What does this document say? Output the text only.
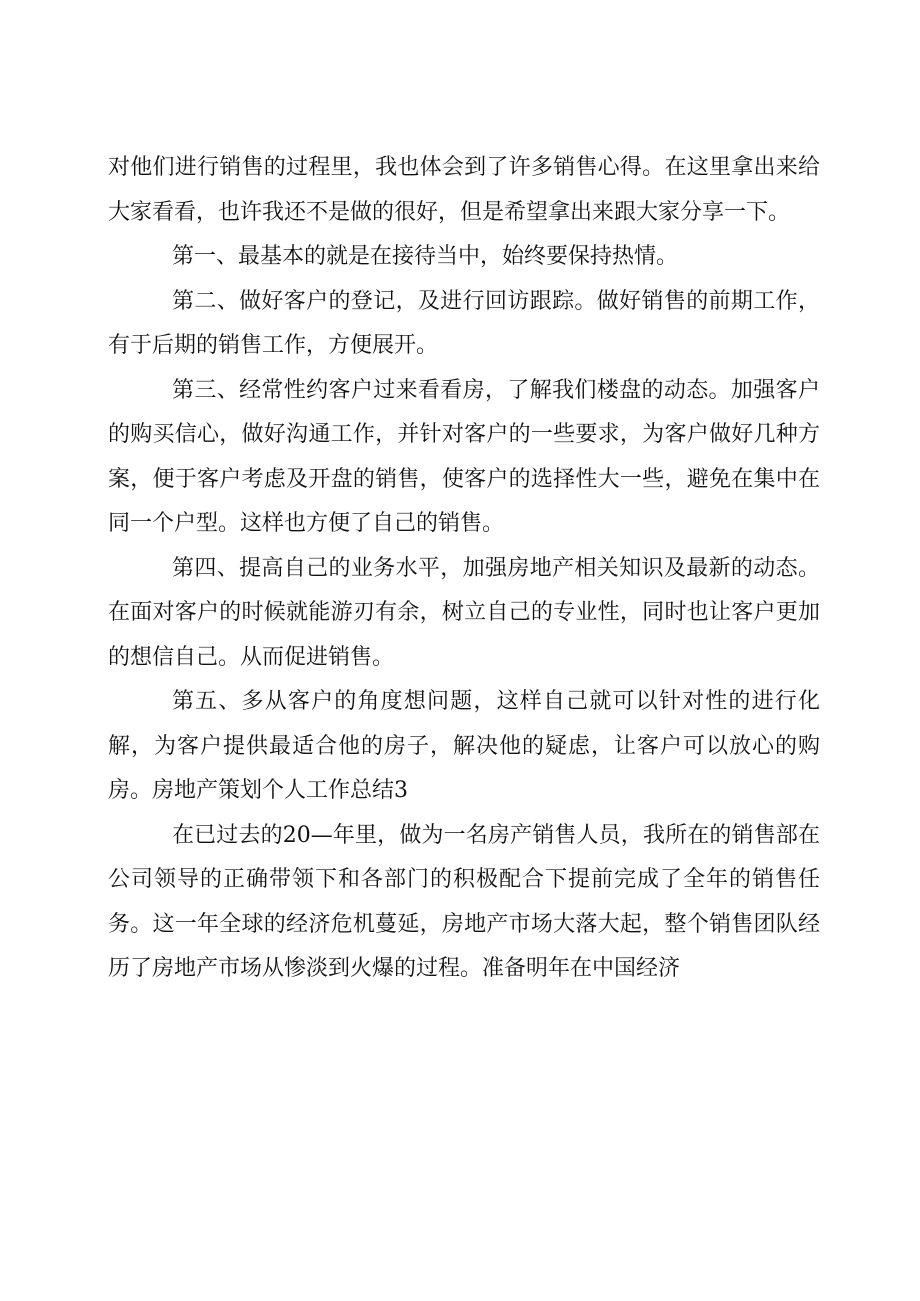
对他们进行销售的过程里，我也体会到了许多销售心得。在这里拿出来给大家看看，也许我还不是做的很好，但是希望拿出来跟大家分享一下。

第一、最基本的就是在接待当中，始终要保持热情。

第二、做好客户的登记，及进行回访跟踪。做好销售的前期工作，有于后期的销售工作，方便展开。

第三、经常性约客户过来看看房，了解我们楼盘的动态。加强客户的购买信心，做好沟通工作，并针对客户的一些要求，为客户做好几种方案，便于客户考虑及开盘的销售，使客户的选择性大一些，避免在集中在同一个户型。这样也方便了自己的销售。

第四、提高自己的业务水平，加强房地产相关知识及最新的动态。在面对客户的时候就能游刃有余，树立自己的专业性，同时也让客户更加的想信自己。从而促进销售。

第五、多从客户的角度想问题，这样自己就可以针对性的进行化解，为客户提供最适合他的房子，解决他的疑虑，让客户可以放心的购房。房地产策划个人工作总结3

在已过去的20—年里，做为一名房产销售人员，我所在的销售部在公司领导的正确带领下和各部门的积极配合下提前完成了全年的销售任务。这一年全球的经济危机蔓延，房地产市场大落大起，整个销售团队经历了房地产市场从惨淡到火爆的过程。准备明年在中国经济
